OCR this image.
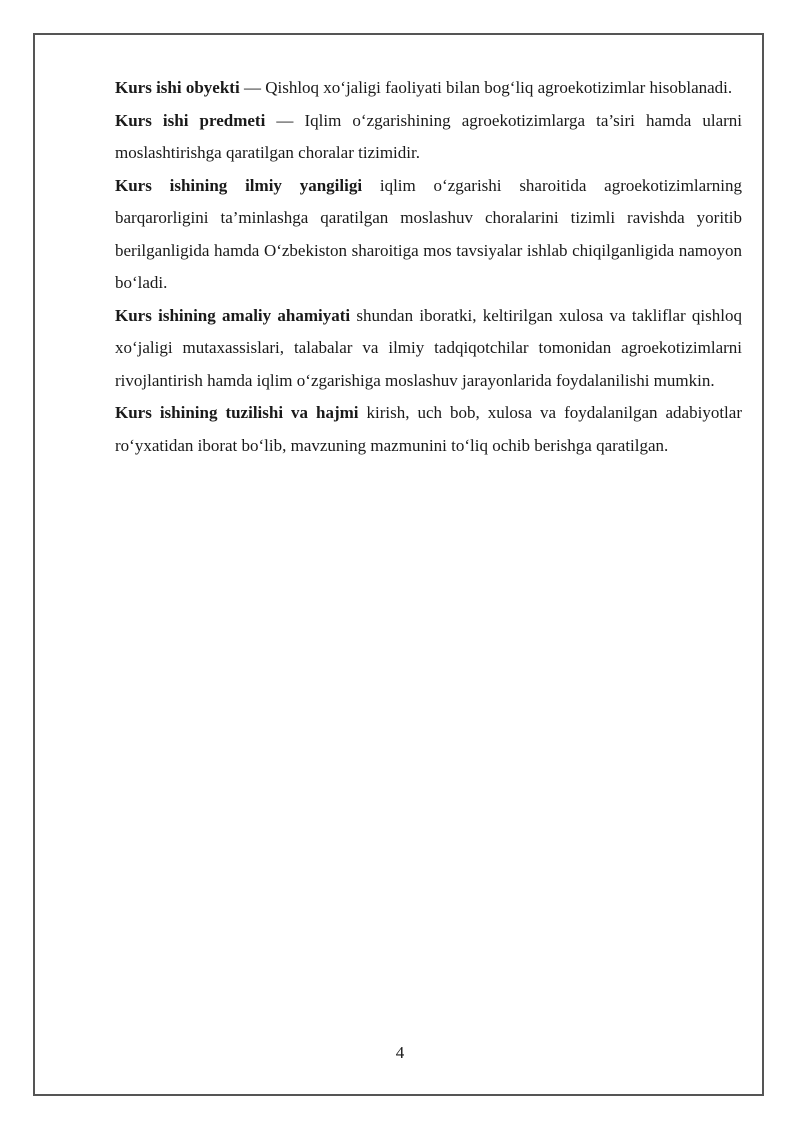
Kurs ishi obyekti — Qishloq xo‘jaligi faoliyati bilan bog‘liq agroekotizimlar hisoblanadi.

Kurs ishi predmeti — Iqlim o‘zgarishining agroekotizimlarga ta’siri hamda ularni moslashtirishga qaratilgan choralar tizimidir.

Kurs ishining ilmiy yangiligi iqlim o‘zgarishi sharoitida agroekotizimlarning barqarorligini ta’minlashga qaratilgan moslashuv choralarini tizimli ravishda yoritib berilganligida hamda O‘zbekiston sharoitiga mos tavsiyalar ishlab chiqilganligida namoyon bo‘ladi.

Kurs ishining amaliy ahamiyati shundan iboratki, keltirilgan xulosa va takliflar qishloq xo‘jaligi mutaxassislari, talabalar va ilmiy tadqiqotchilar tomonidan agroekotizimlarni rivojlantirish hamda iqlim o‘zgarishiga moslashuv jarayonlarida foydalanilishi mumkin.

Kurs ishining tuzilishi va hajmi kirish, uch bob, xulosa va foydalanilgan adabiyotlar ro‘yxatidan iborat bo‘lib, mavzuning mazmunini to‘liq ochib berishga qaratilgan.

4
